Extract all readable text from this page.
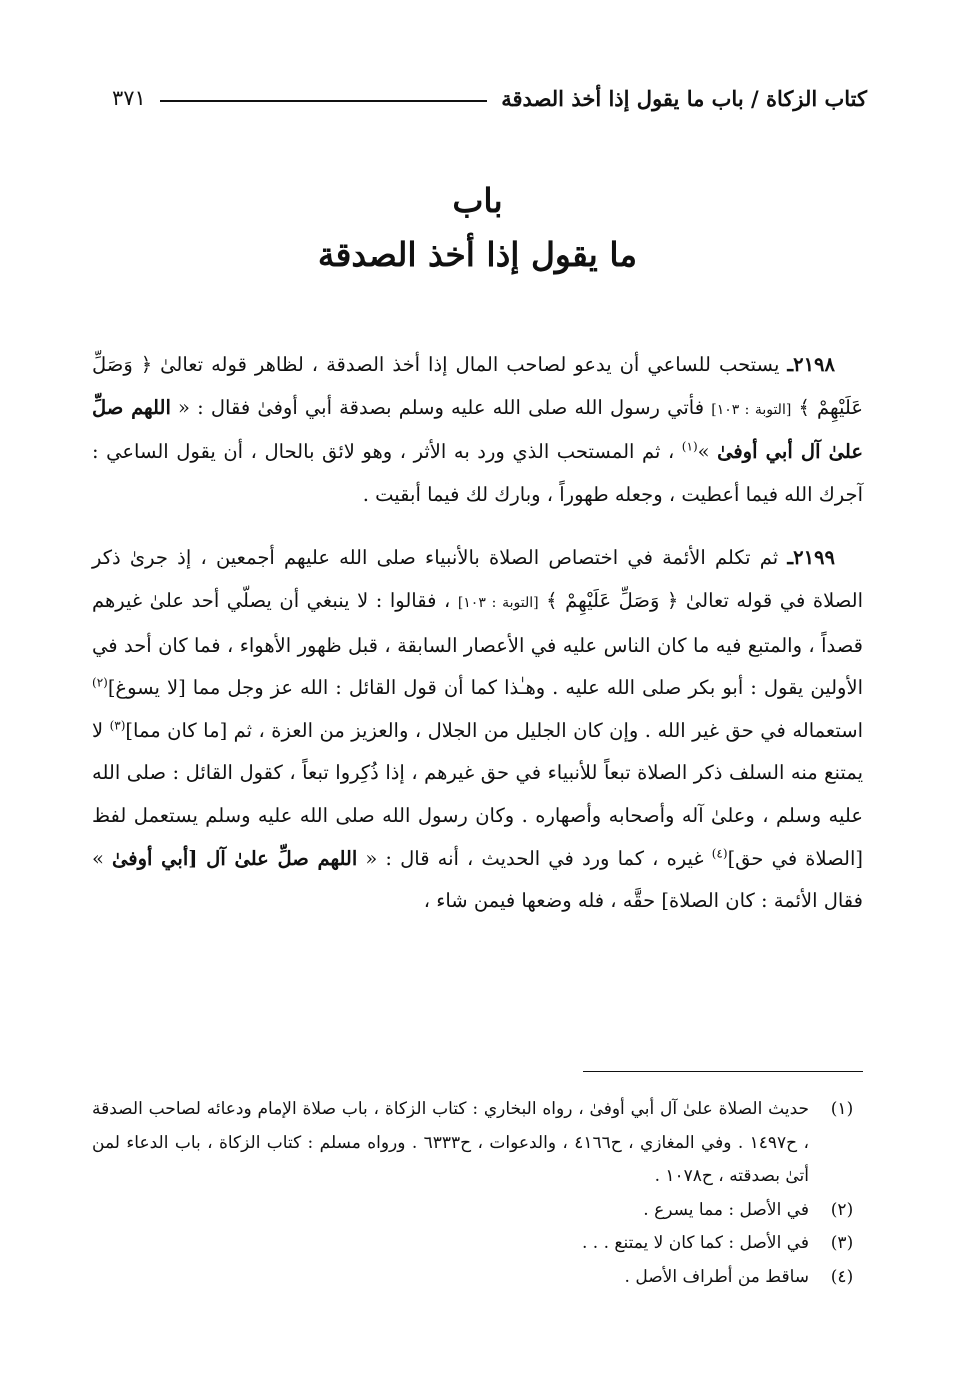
كتاب الزكاة / باب ما يقول إذا أخذ الصدقة
٣٧١
باب
ما يقول إذا أخذ الصدقة

٢١٩٨ـ يستحب للساعي أن يدعو لصاحب المال إذا أخذ الصدقة ، لظاهر قوله تعالىٰ ﴿ وَصَلِّ عَلَيْهِمْ ﴾ [التوبة : ١٠٣] فأتي رسول الله صلى الله عليه وسلم بصدقة أبي أوفىٰ فقال : « اللهم صلِّ علىٰ آل أبي أوفىٰ »$^{(١)}$ ، ثم المستحب الذي ورد به الأثر ، وهو لائق بالحال ، أن يقول الساعي : آجرك الله فيما أعطيت ، وجعله طهوراً ، وبارك لك فيما أبقيت .

٢١٩٩ـ ثم تكلم الأئمة في اختصاص الصلاة بالأنبياء صلى الله عليهم أجمعين ، إذ جرىٰ ذكر الصلاة في قوله تعالىٰ ﴿ وَصَلِّ عَلَيْهِمْ ﴾ [التوبة : ١٠٣] ، فقالوا : لا ينبغي أن يصلّي أحد علىٰ غيرهم قصداً ، والمتبع فيه ما كان الناس عليه في الأعصار السابقة ، قبل ظهور الأهواء ، فما كان أحد في الأولين يقول : أبو بكر صلى الله عليه . وهـٰذا كما أن قول القائل : الله عز وجل مما [لا يسوغ]$^{(٢)}$ استعماله في حق غير الله . وإن كان الجليل من الجلال ، والعزيز من العزة ، ثم [ما كان مما]$^{(٣)}$ لا يمتنع منه السلف ذكر الصلاة تبعاً للأنبياء في حق غيرهم ، إذا ذُكِروا تبعاً ، كقول القائل : صلى الله عليه وسلم ، وعلىٰ آله وأصحابه وأصهاره . وكان رسول الله صلى الله عليه وسلم يستعمل لفظ [الصلاة في حق]$^{(٤)}$ غيره ، كما ورد في الحديث ، أنه قال : « اللهم صلِّ علىٰ آل [أبي أوفىٰ » فقال الأئمة : كان الصلاة] حقَّه ، فله وضعها فيمن شاء ،

(١)
حديث الصلاة علىٰ آل أبي أوفىٰ ، رواه البخاري : كتاب الزكاة ، باب صلاة الإمام ودعائه لصاحب الصدقة ، ح١٤٩٧ . وفي المغازي ، ح٤١٦٦ ، والدعوات ، ح٦٣٣٣ . ورواه مسلم : كتاب الزكاة ، باب الدعاء لمن أتىٰ بصدقته ، ح١٠٧٨ .
(٢)
في الأصل : مما يسرع .
(٣)
في الأصل : كما كان لا يمتنع . . .
(٤)
ساقط من أطراف الأصل .
